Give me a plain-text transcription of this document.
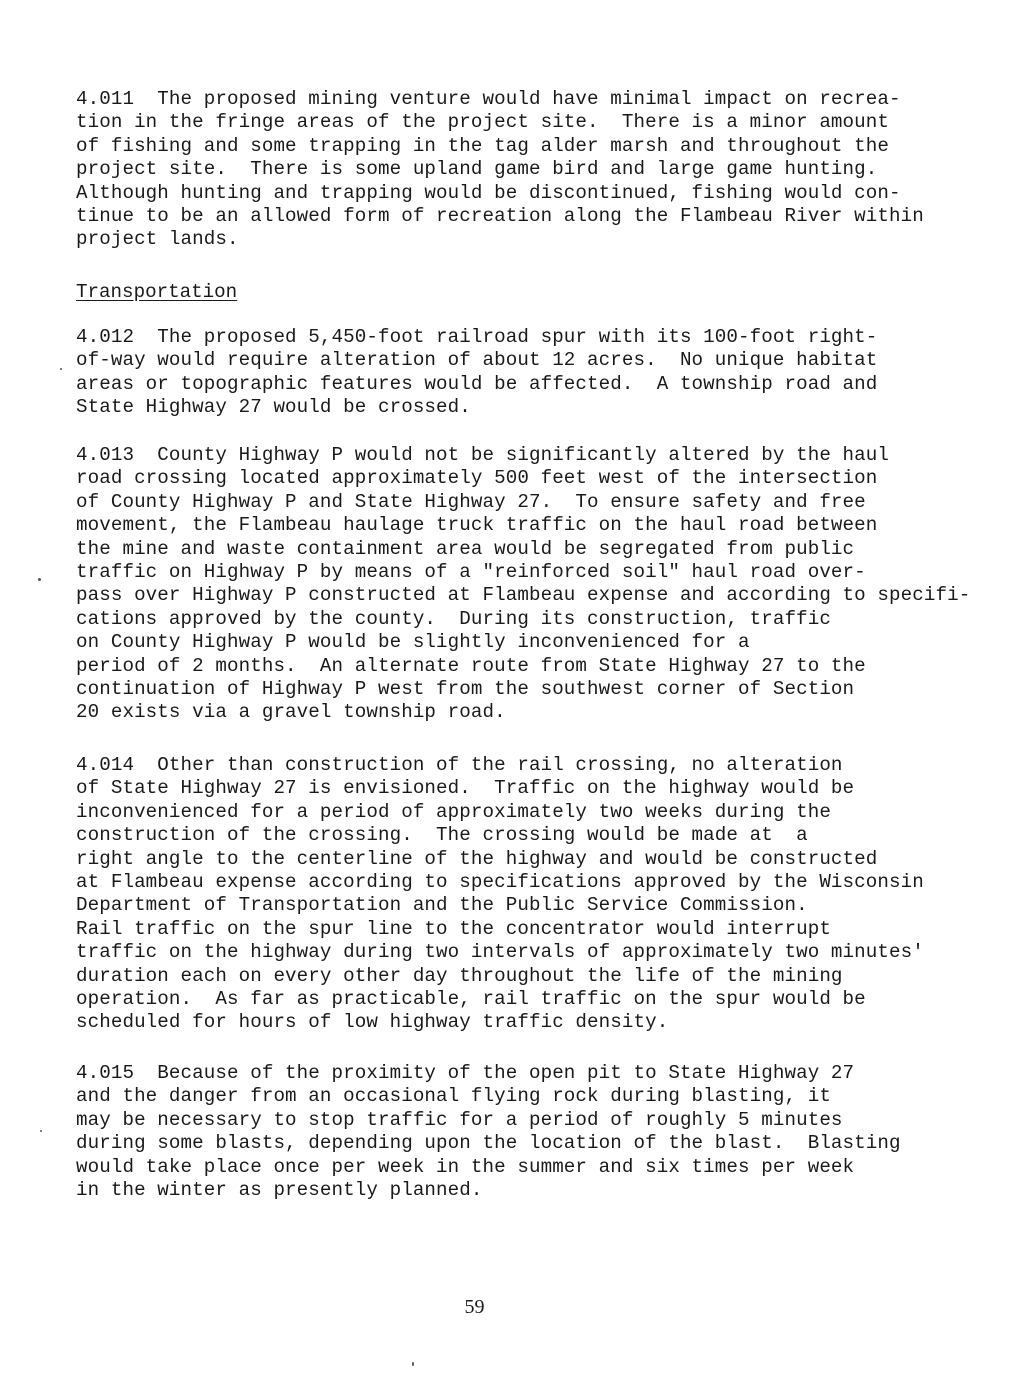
4.011  The proposed mining venture would have minimal impact on recrea-
tion in the fringe areas of the project site.  There is a minor amount
of fishing and some trapping in the tag alder marsh and throughout the
project site.  There is some upland game bird and large game hunting.
Although hunting and trapping would be discontinued, fishing would con-
tinue to be an allowed form of recreation along the Flambeau River within
project lands.
Transportation
4.012  The proposed 5,450-foot railroad spur with its 100-foot right-
of-way would require alteration of about 12 acres.  No unique habitat
areas or topographic features would be affected.  A township road and
State Highway 27 would be crossed.
4.013  County Highway P would not be significantly altered by the haul
road crossing located approximately 500 feet west of the intersection
of County Highway P and State Highway 27.  To ensure safety and free
movement, the Flambeau haulage truck traffic on the haul road between
the mine and waste containment area would be segregated from public
traffic on Highway P by means of a "reinforced soil" haul road over-
pass over Highway P constructed at Flambeau expense and according to specifi-
cations approved by the county.  During its construction, traffic
on County Highway P would be slightly inconvenienced for a
period of 2 months.  An alternate route from State Highway 27 to the
continuation of Highway P west from the southwest corner of Section
20 exists via a gravel township road.
4.014  Other than construction of the rail crossing, no alteration
of State Highway 27 is envisioned.  Traffic on the highway would be
inconvenienced for a period of approximately two weeks during the
construction of the crossing.  The crossing would be made at  a
right angle to the centerline of the highway and would be constructed
at Flambeau expense according to specifications approved by the Wisconsin
Department of Transportation and the Public Service Commission.
Rail traffic on the spur line to the concentrator would interrupt
traffic on the highway during two intervals of approximately two minutes'
duration each on every other day throughout the life of the mining
operation.  As far as practicable, rail traffic on the spur would be
scheduled for hours of low highway traffic density.
4.015  Because of the proximity of the open pit to State Highway 27
and the danger from an occasional flying rock during blasting, it
may be necessary to stop traffic for a period of roughly 5 minutes
during some blasts, depending upon the location of the blast.  Blasting
would take place once per week in the summer and six times per week
in the winter as presently planned.
59
